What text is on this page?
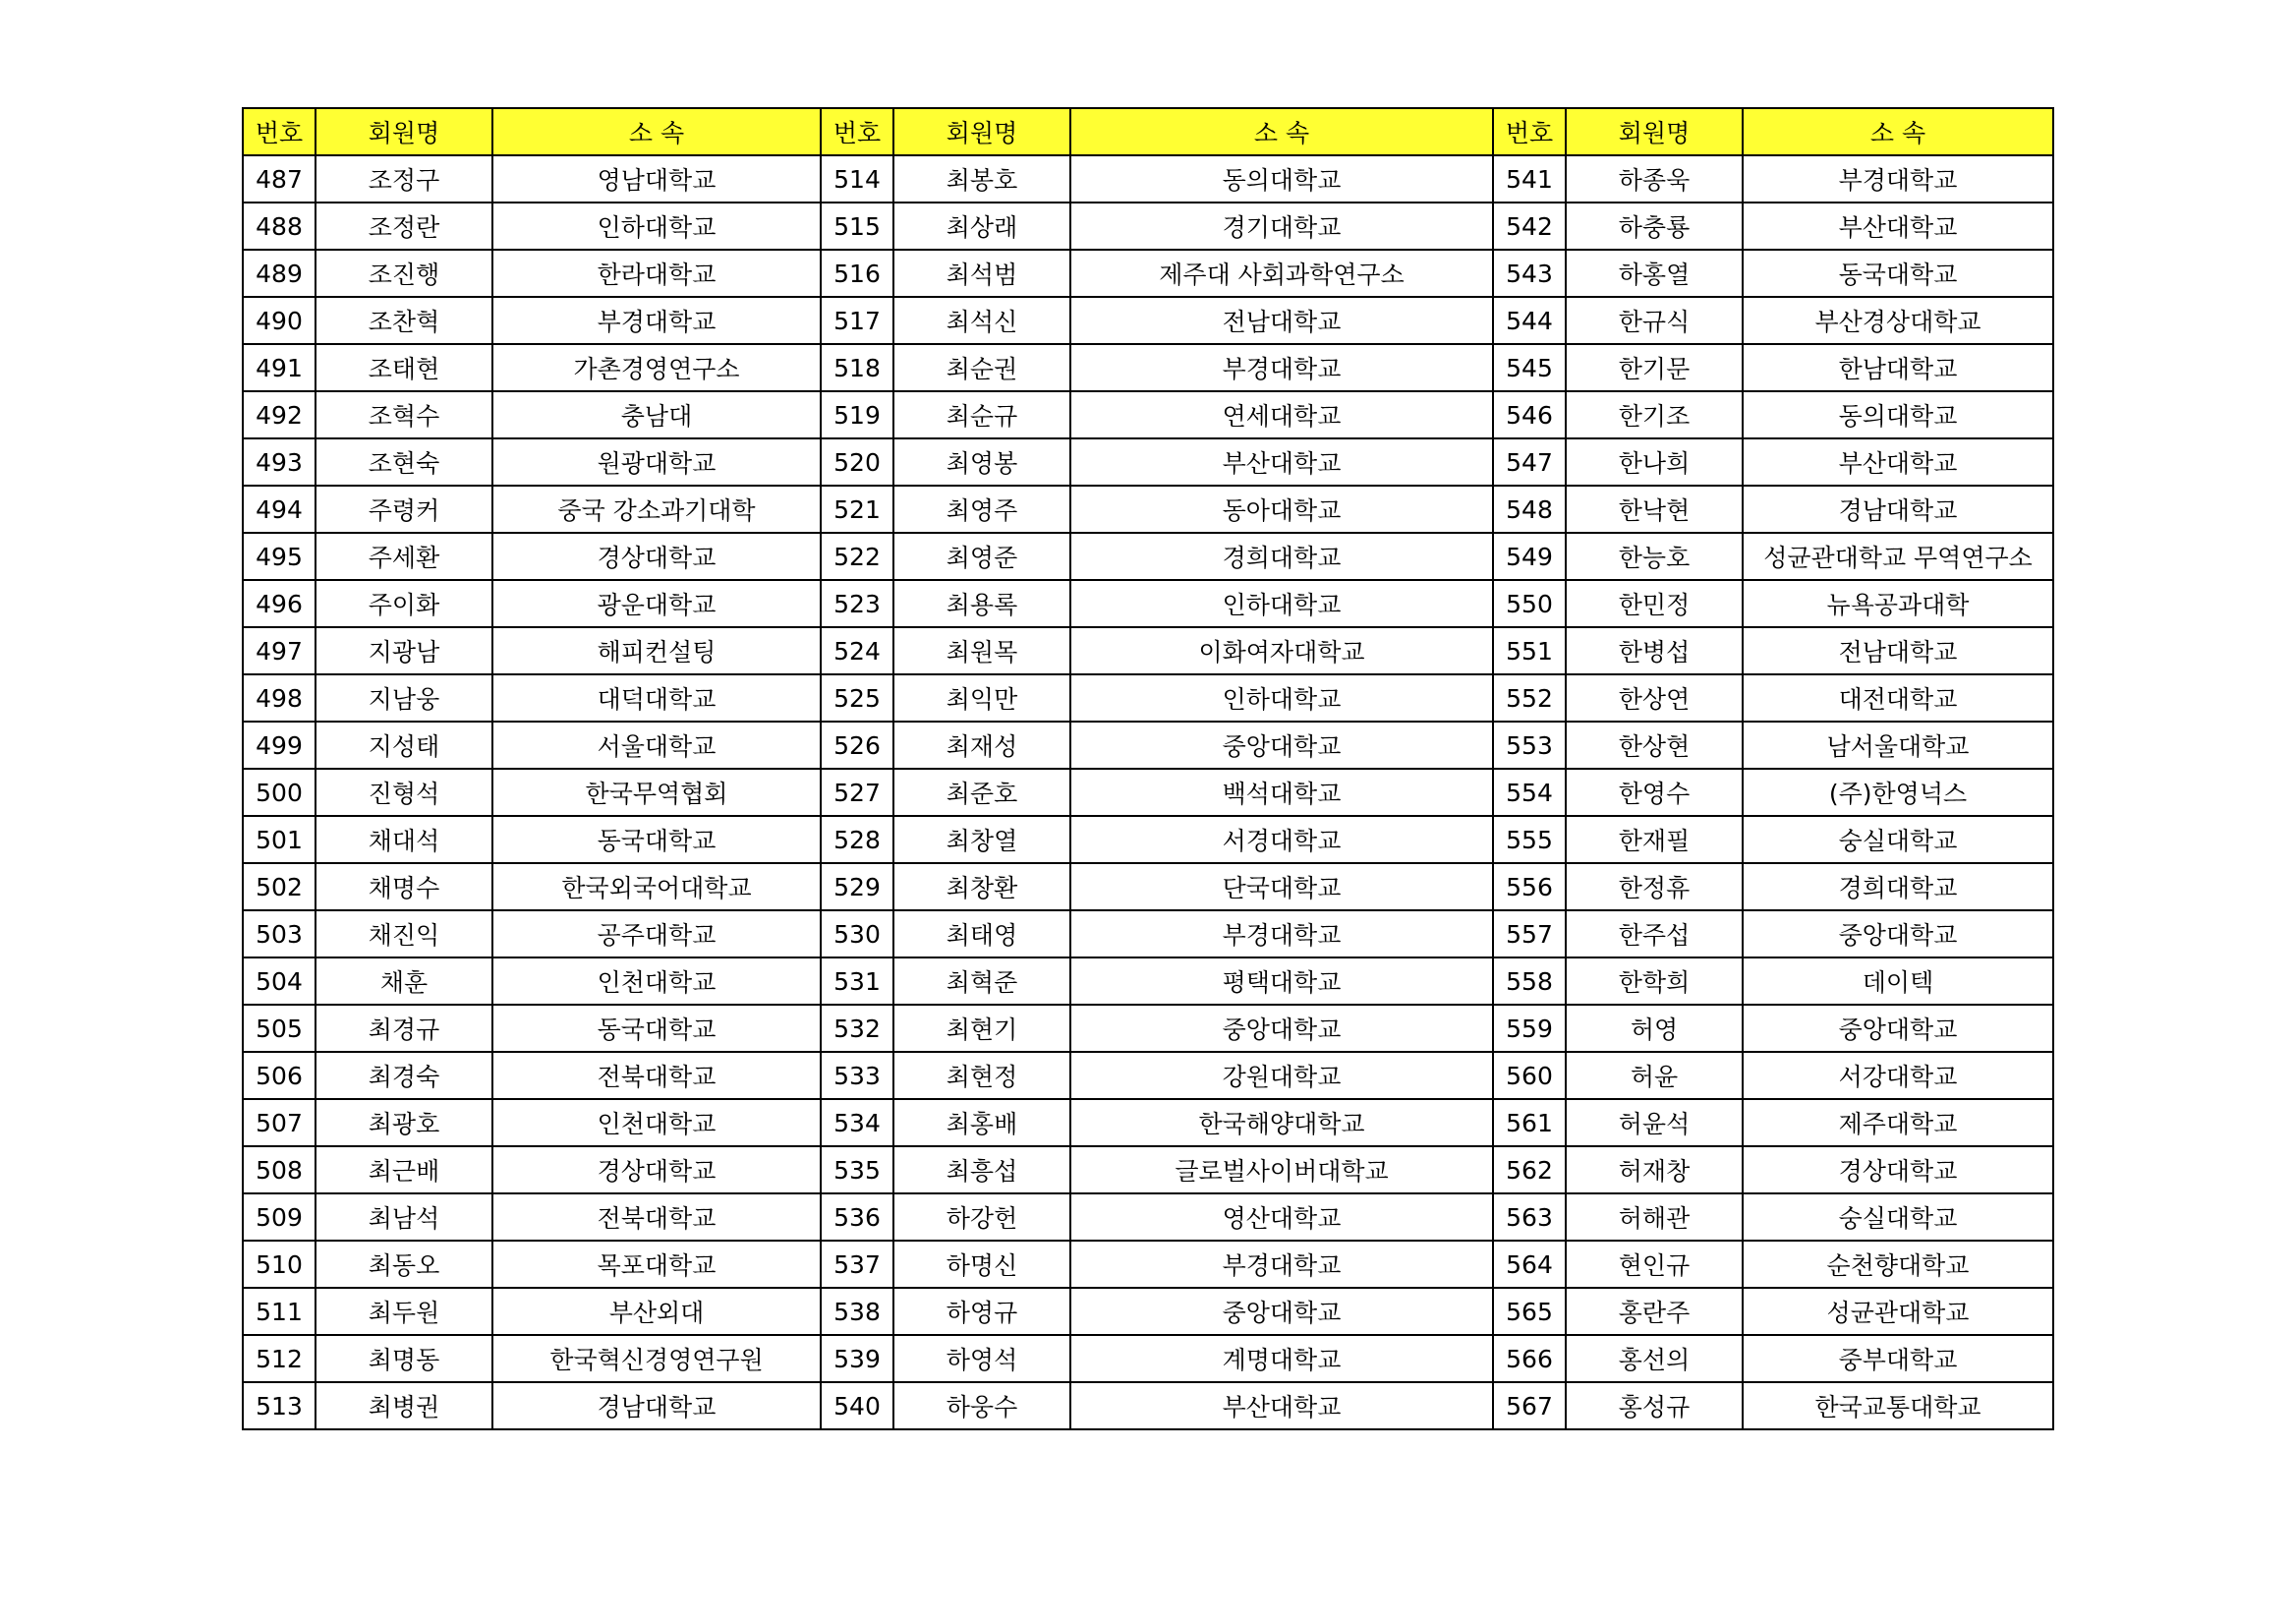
번호	회원명	소 속	번호	회원명	소 속	번호	회원명	소 속
487	조정구	영남대학교	514	최봉호	동의대학교	541	하종욱	부경대학교
488	조정란	인하대학교	515	최상래	경기대학교	542	하충룡	부산대학교
489	조진행	한라대학교	516	최석범	제주대 사회과학연구소	543	하홍열	동국대학교
490	조찬혁	부경대학교	517	최석신	전남대학교	544	한규식	부산경상대학교
491	조태현	가촌경영연구소	518	최순권	부경대학교	545	한기문	한남대학교
492	조혁수	충남대	519	최순규	연세대학교	546	한기조	동의대학교
493	조현숙	원광대학교	520	최영봉	부산대학교	547	한나희	부산대학교
494	주령커	중국 강소과기대학	521	최영주	동아대학교	548	한낙현	경남대학교
495	주세환	경상대학교	522	최영준	경희대학교	549	한능호	성균관대학교 무역연구소
496	주이화	광운대학교	523	최용록	인하대학교	550	한민정	뉴욕공과대학
497	지광남	해피컨설팅	524	최원목	이화여자대학교	551	한병섭	전남대학교
498	지남웅	대덕대학교	525	최익만	인하대학교	552	한상연	대전대학교
499	지성태	서울대학교	526	최재성	중앙대학교	553	한상현	남서울대학교
500	진형석	한국무역협회	527	최준호	백석대학교	554	한영수	(주)한영넉스
501	채대석	동국대학교	528	최창열	서경대학교	555	한재필	숭실대학교
502	채명수	한국외국어대학교	529	최창환	단국대학교	556	한정휴	경희대학교
503	채진익	공주대학교	530	최태영	부경대학교	557	한주섭	중앙대학교
504	채훈	인천대학교	531	최혁준	평택대학교	558	한학희	데이텍
505	최경규	동국대학교	532	최현기	중앙대학교	559	허영	중앙대학교
506	최경숙	전북대학교	533	최현정	강원대학교	560	허윤	서강대학교
507	최광호	인천대학교	534	최홍배	한국해양대학교	561	허윤석	제주대학교
508	최근배	경상대학교	535	최흥섭	글로벌사이버대학교	562	허재창	경상대학교
509	최남석	전북대학교	536	하강헌	영산대학교	563	허해관	숭실대학교
510	최동오	목포대학교	537	하명신	부경대학교	564	현인규	순천향대학교
511	최두원	부산외대	538	하영규	중앙대학교	565	홍란주	성균관대학교
512	최명동	한국혁신경영연구원	539	하영석	계명대학교	566	홍선의	중부대학교
513	최병권	경남대학교	540	하웅수	부산대학교	567	홍성규	한국교통대학교
